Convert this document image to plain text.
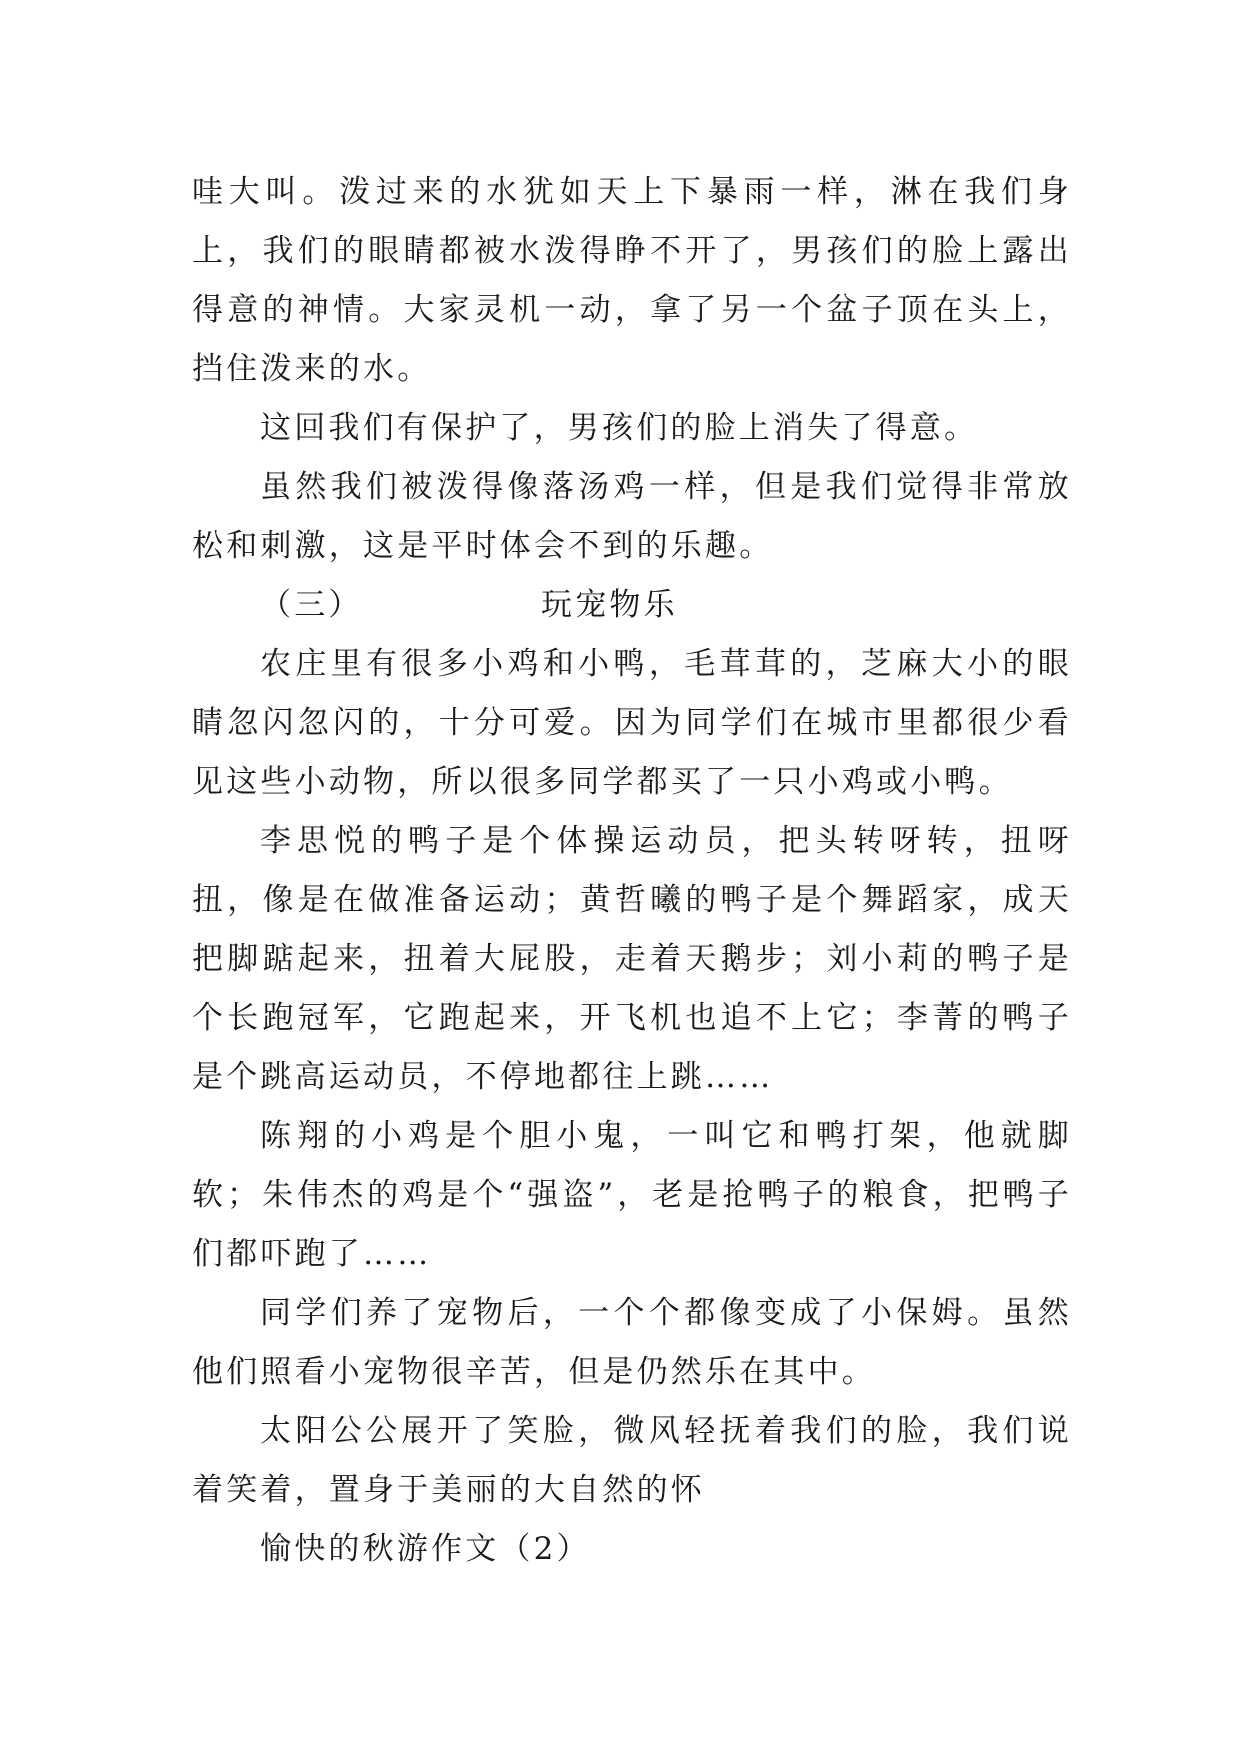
哇大叫。泼过来的水犹如天上下暴雨一样，淋在我们身上，我们的眼睛都被水泼得睁不开了，男孩们的脸上露出得意的神情。大家灵机一动，拿了另一个盆子顶在头上，挡住泼来的水。

这回我们有保护了，男孩们的脸上消失了得意。

虽然我们被泼得像落汤鸡一样，但是我们觉得非常放松和刺激，这是平时体会不到的乐趣。

（三）	玩宠物乐

农庄里有很多小鸡和小鸭，毛茸茸的，芝麻大小的眼睛忽闪忽闪的，十分可爱。因为同学们在城市里都很少看见这些小动物，所以很多同学都买了一只小鸡或小鸭。

李思悦的鸭子是个体操运动员，把头转呀转，扭呀扭，像是在做准备运动；黄哲曦的鸭子是个舞蹈家，成天把脚踮起来，扭着大屁股，走着天鹅步；刘小莉的鸭子是个长跑冠军，它跑起来，开飞机也追不上它；李菁的鸭子是个跳高运动员，不停地都往上跳……

陈翔的小鸡是个胆小鬼，一叫它和鸭打架，他就脚软；朱伟杰的鸡是个“强盗”，老是抢鸭子的粮食，把鸭子们都吓跑了……

同学们养了宠物后，一个个都像变成了小保姆。虽然他们照看小宠物很辛苦，但是仍然乐在其中。

太阳公公展开了笑脸，微风轻抚着我们的脸，我们说着笑着，置身于美丽的大自然的怀

愉快的秋游作文（2）
